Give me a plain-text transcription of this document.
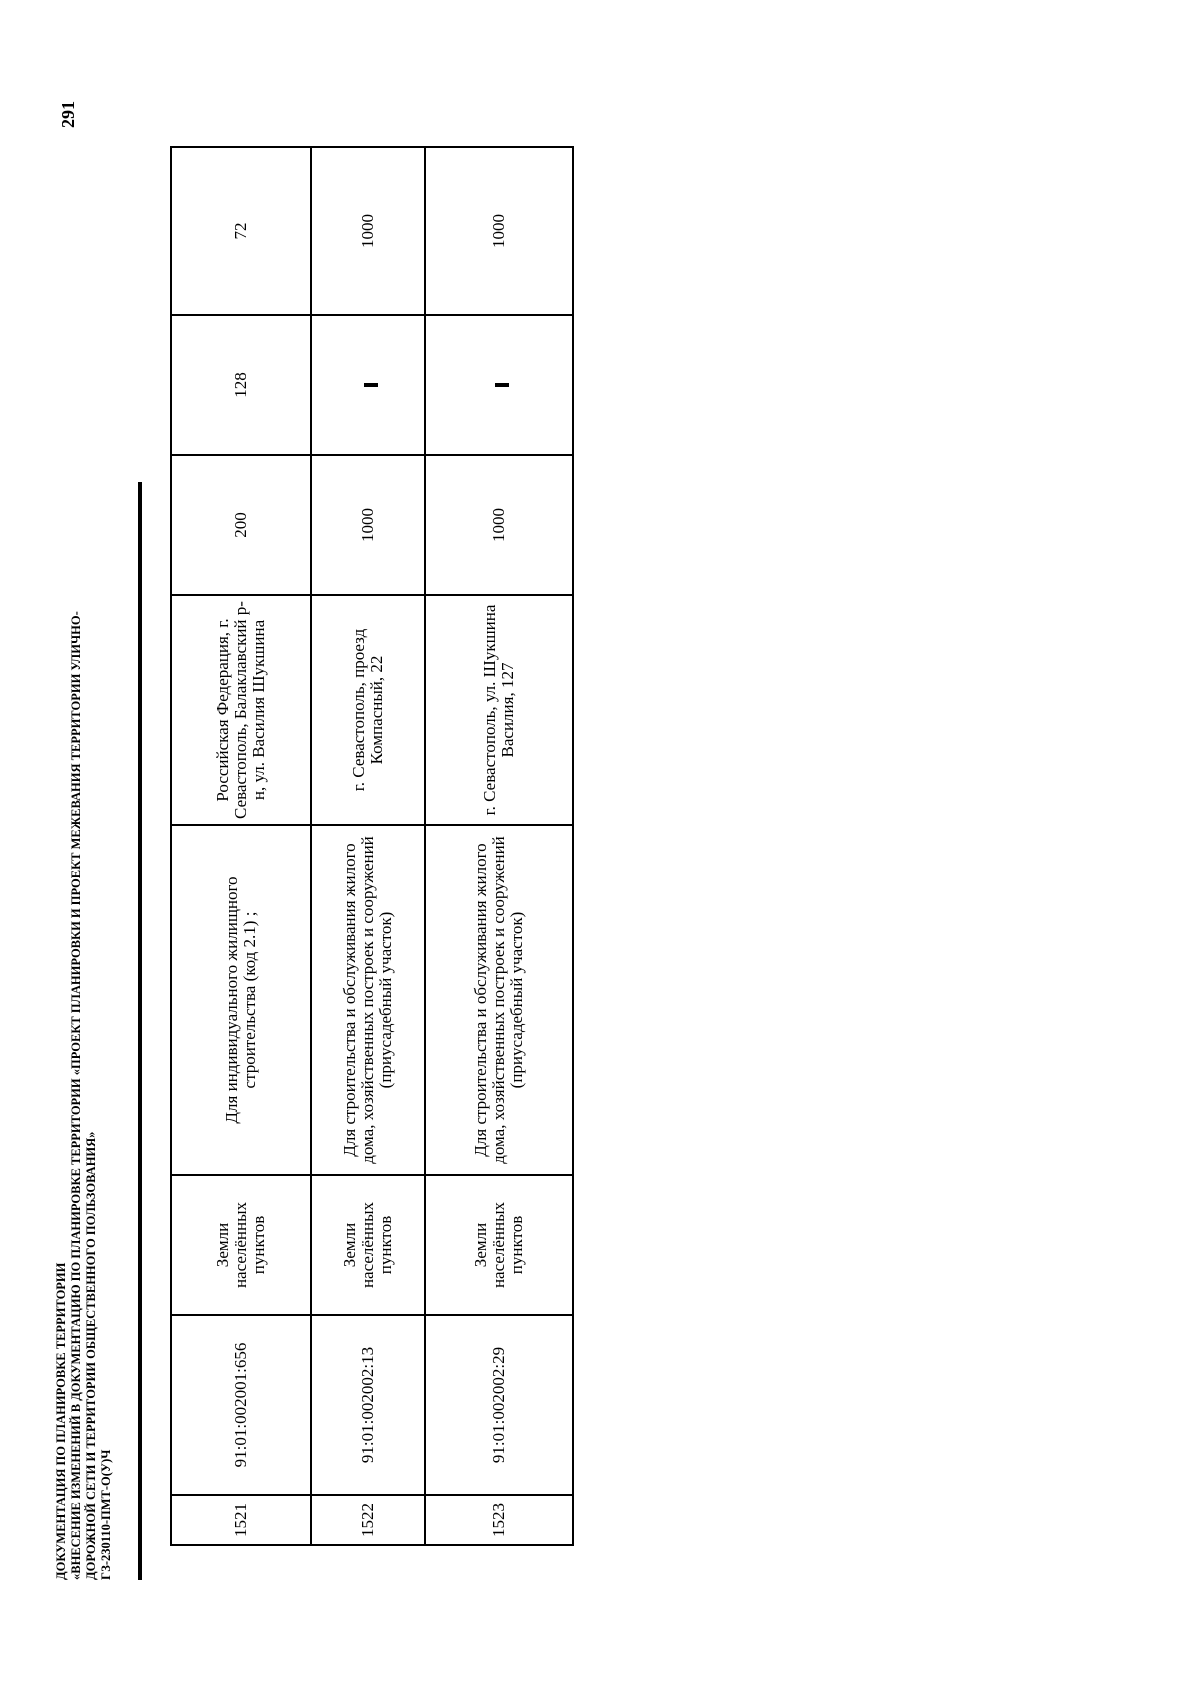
ДОКУМЕНТАЦИЯ ПО ПЛАНИРОВКЕ ТЕРРИТОРИИ «ВНЕСЕНИЕ ИЗМЕНЕНИЙ В ДОКУМЕНТАЦИЮ ПО ПЛАНИРОВКЕ ТЕРРИТОРИИ «ПРОЕКТ ПЛАНИРОВКИ И ПРОЕКТ МЕЖЕВАНИЯ ТЕРРИТОРИИ УЛИЧНО- ДОРОЖНОЙ СЕТИ И ТЕРРИТОРИИ ОБЩЕСТВЕННОГО ПОЛЬЗОВАНИЯ» ГЗ-230110-ПМТ-О(У)Ч
291
1521	91:01:002001:656	Земли населённых пунктов	Для индивидуального жилищного строительства (код 2.1) ;	Российская Федерация, г. Севастополь, Балаклавский р-н, ул. Василия Шукшина	200	128	72
1522	91:01:002002:13	Земли населённых пунктов	Для строительства и обслуживания жилого дома, хозяйственных построек и сооружений (приусадебный участок)	г. Севастополь, проезд Компасный, 22	1000		1000
1523	91:01:002002:29	Земли населённых пунктов	Для строительства и обслуживания жилого дома, хозяйственных построек и сооружений (приусадебный участок)	г. Севастополь, ул. Шукшина Василия, 127	1000		1000
